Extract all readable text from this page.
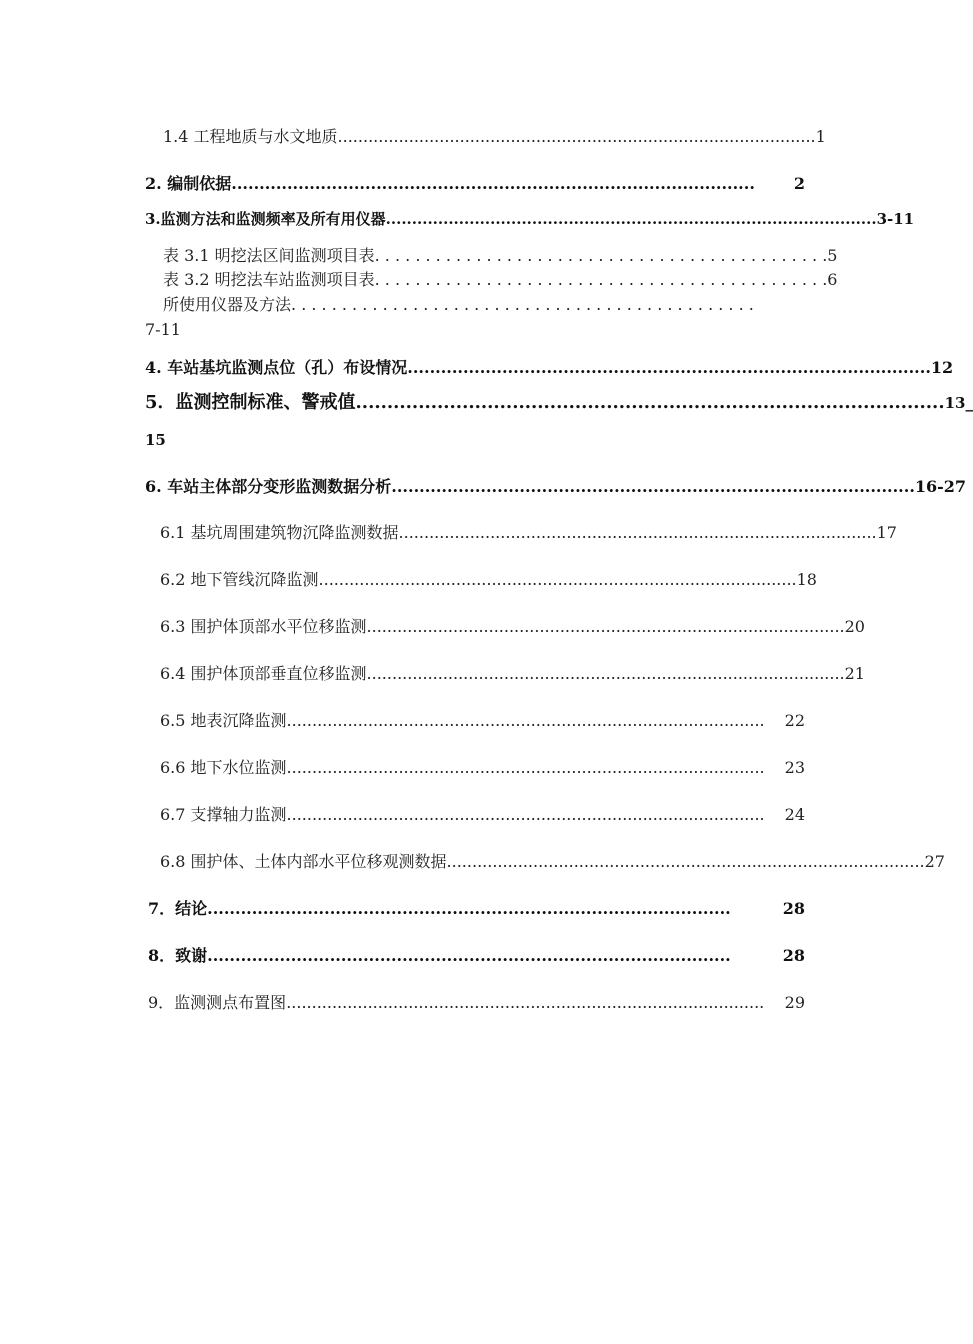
1.4 工程地质与水文地质 .............................................................................................. 1
2. 编制依据 ..............................................................................................	2
3.监测方法和监测频率及所有用仪器 .............................................................................................. 3-11
表 3.1 明挖法区间监测项目表 . . . . . . . . . . . . . . . . . . . . . . . . . . . . . . . . . . . . . . . . . . . . . 5
表 3.2 明挖法车站监测项目表 . . . . . . . . . . . . . . . . . . . . . . . . . . . . . . . . . . . . . . . . . . . . . 6
所使用仪器及方法 . . . . . . . . . . . . . . . . . . . . . . . . . . . . . . . . . . . . . . . . . . . . . .
7-11
4. 车站基坑监测点位（孔）布设情况 .............................................................................................. 12
5．监测控制标准、警戒值 .............................................................................................. 13_
15
6. 车站主体部分变形监测数据分析 .............................................................................................. 16-27
6.1 基坑周围建筑物沉降监测数据 .............................................................................................. 17
6.2 地下管线沉降监测 .............................................................................................. 18
6.3 围护体顶部水平位移监测 .............................................................................................. 20
6.4 围护体顶部垂直位移监测 .............................................................................................. 21
6.5 地表沉降监测 ..............................................................................................	22
6.6 地下水位监测 ..............................................................................................	23
6.7 支撑轴力监测 ..............................................................................................	24
6.8 围护体、土体内部水平位移观测数据 .............................................................................................. 27
7．结论 ..............................................................................................	28
8．致谢 ..............................................................................................	28
9．监测测点布置图 ..............................................................................................	29
